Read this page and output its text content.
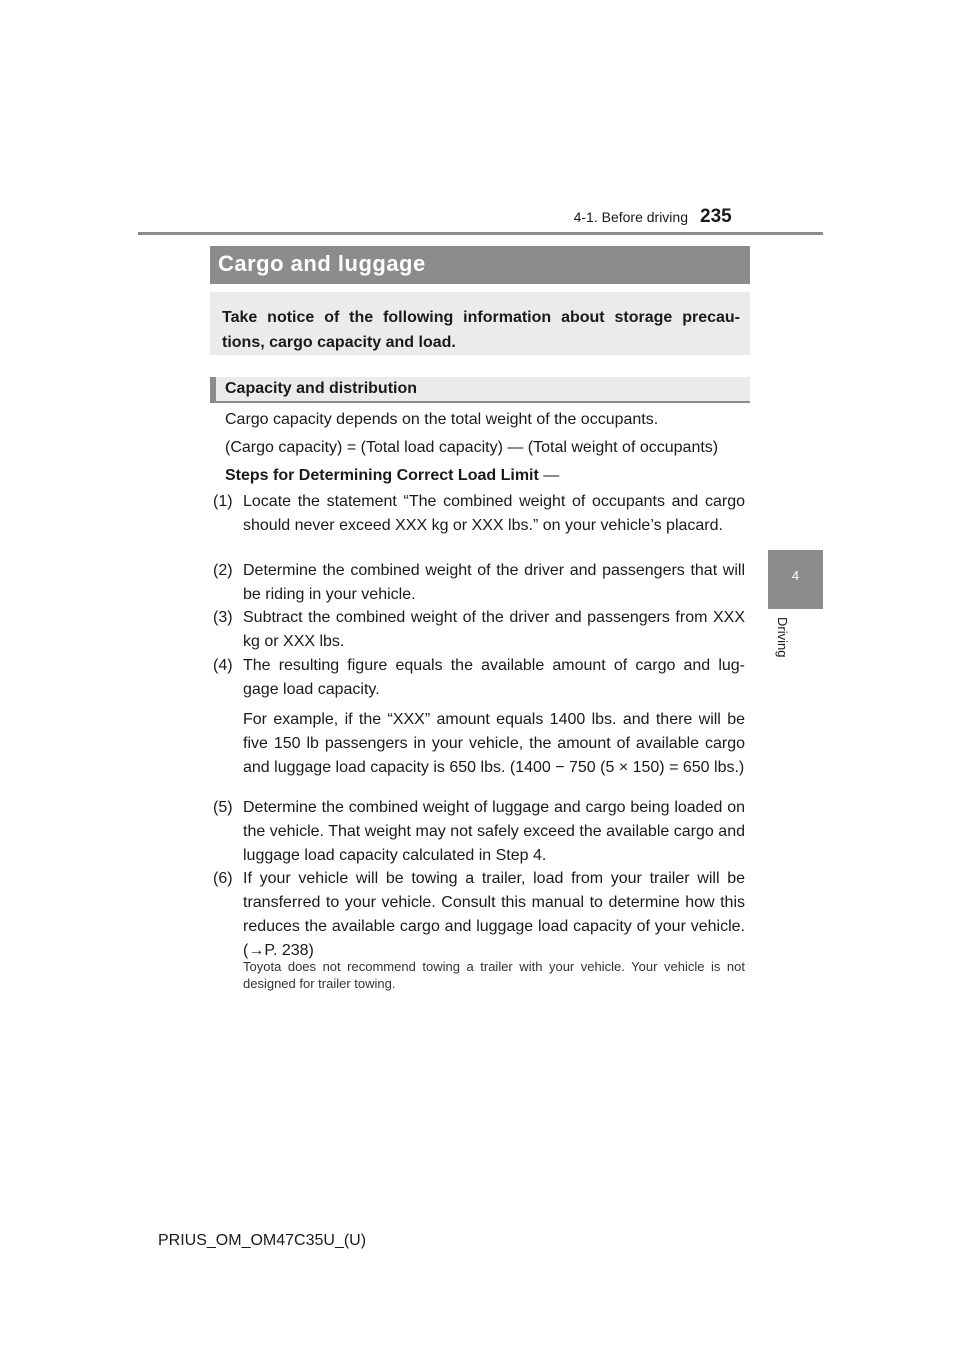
4-1. Before driving 235
4
Driving
Cargo and luggage
Take notice of the following information about storage precau- tions, cargo capacity and load.
Capacity and distribution
Cargo capacity depends on the total weight of the occupants.
(Cargo capacity) = (Total load capacity) — (Total weight of occupants)
Steps for Determining Correct Load Limit —
(1) Locate the statement “The combined weight of occupants and cargo should never exceed XXX kg or XXX lbs.” on your vehicle’s placard.
(2) Determine the combined weight of the driver and passengers that will be riding in your vehicle.
(3) Subtract the combined weight of the driver and passengers from XXX kg or XXX lbs.
(4) The resulting figure equals the available amount of cargo and lug- gage load capacity.
For example, if the “XXX” amount equals 1400 lbs. and there will be five 150 lb passengers in your vehicle, the amount of available cargo and luggage load capacity is 650 lbs. (1400 − 750 (5 × 150) = 650 lbs.)
(5) Determine the combined weight of luggage and cargo being loaded on the vehicle. That weight may not safely exceed the available cargo and luggage load capacity calculated in Step 4.
(6) If your vehicle will be towing a trailer, load from your trailer will be transferred to your vehicle. Consult this manual to determine how this reduces the available cargo and luggage load capacity of your vehicle. (→P. 238)
Toyota does not recommend towing a trailer with your vehicle. Your vehicle is not designed for trailer towing.
PRIUS_OM_OM47C35U_(U)
